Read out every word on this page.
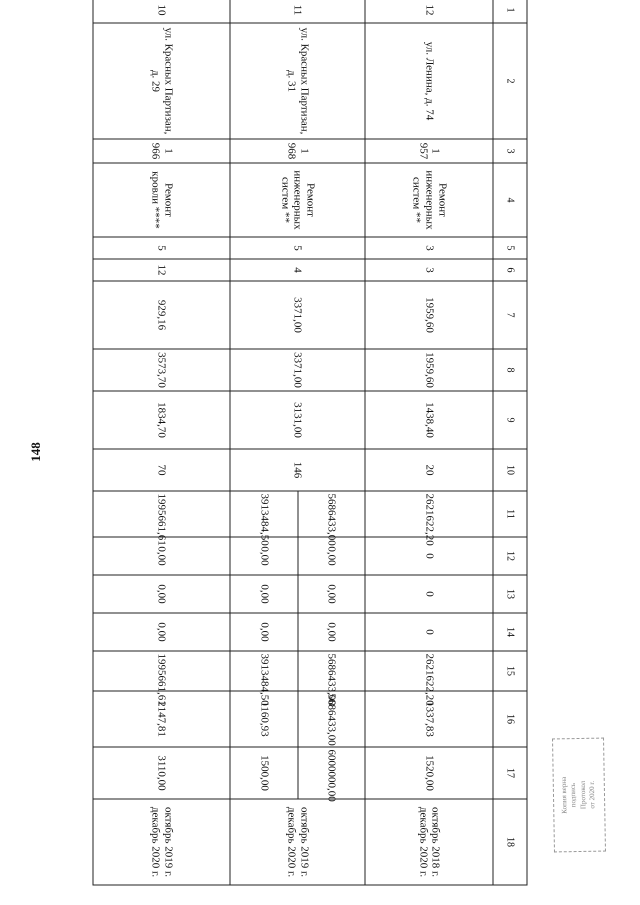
148
1	2	3	4	5	6	7	8	9	10	11	12	13	14	15	16	17	18
12	ул. Ленина, д. 74	1 957	Ремонт инженерных систем **	3	3	1959,60	1959,60	1438,40	20	2621622,20	0	0	0	2621622,20	1337,83	1520,00	октябрь 2018 г. декабрь 2020 г.
11	ул. Красных Партизан, д. 31	1 968	Ремонт инженерных систем **	5	4	3371,00	3371,00	3131,00	146	5686433,00	0,00	0,00	0,00	5686433,00	5686433,00	6000000,00	октябрь 2019 г. декабрь 2020 г.
										3913484,50	0,00	0,00	0,00	3913484,50	1160,93	1500,00	
10	ул. Красных Партизан, д. 29	1 966	Ремонт кровли ****	5	12	929,16	3573,70	1834,70	70	1995661,61	0,00	0,00	0,00	1995661,61	2147,81	3110,00	октябрь 2019 г. декабрь 2020 г.
Копия верна
подпись
Протокол
от 2020 г.
